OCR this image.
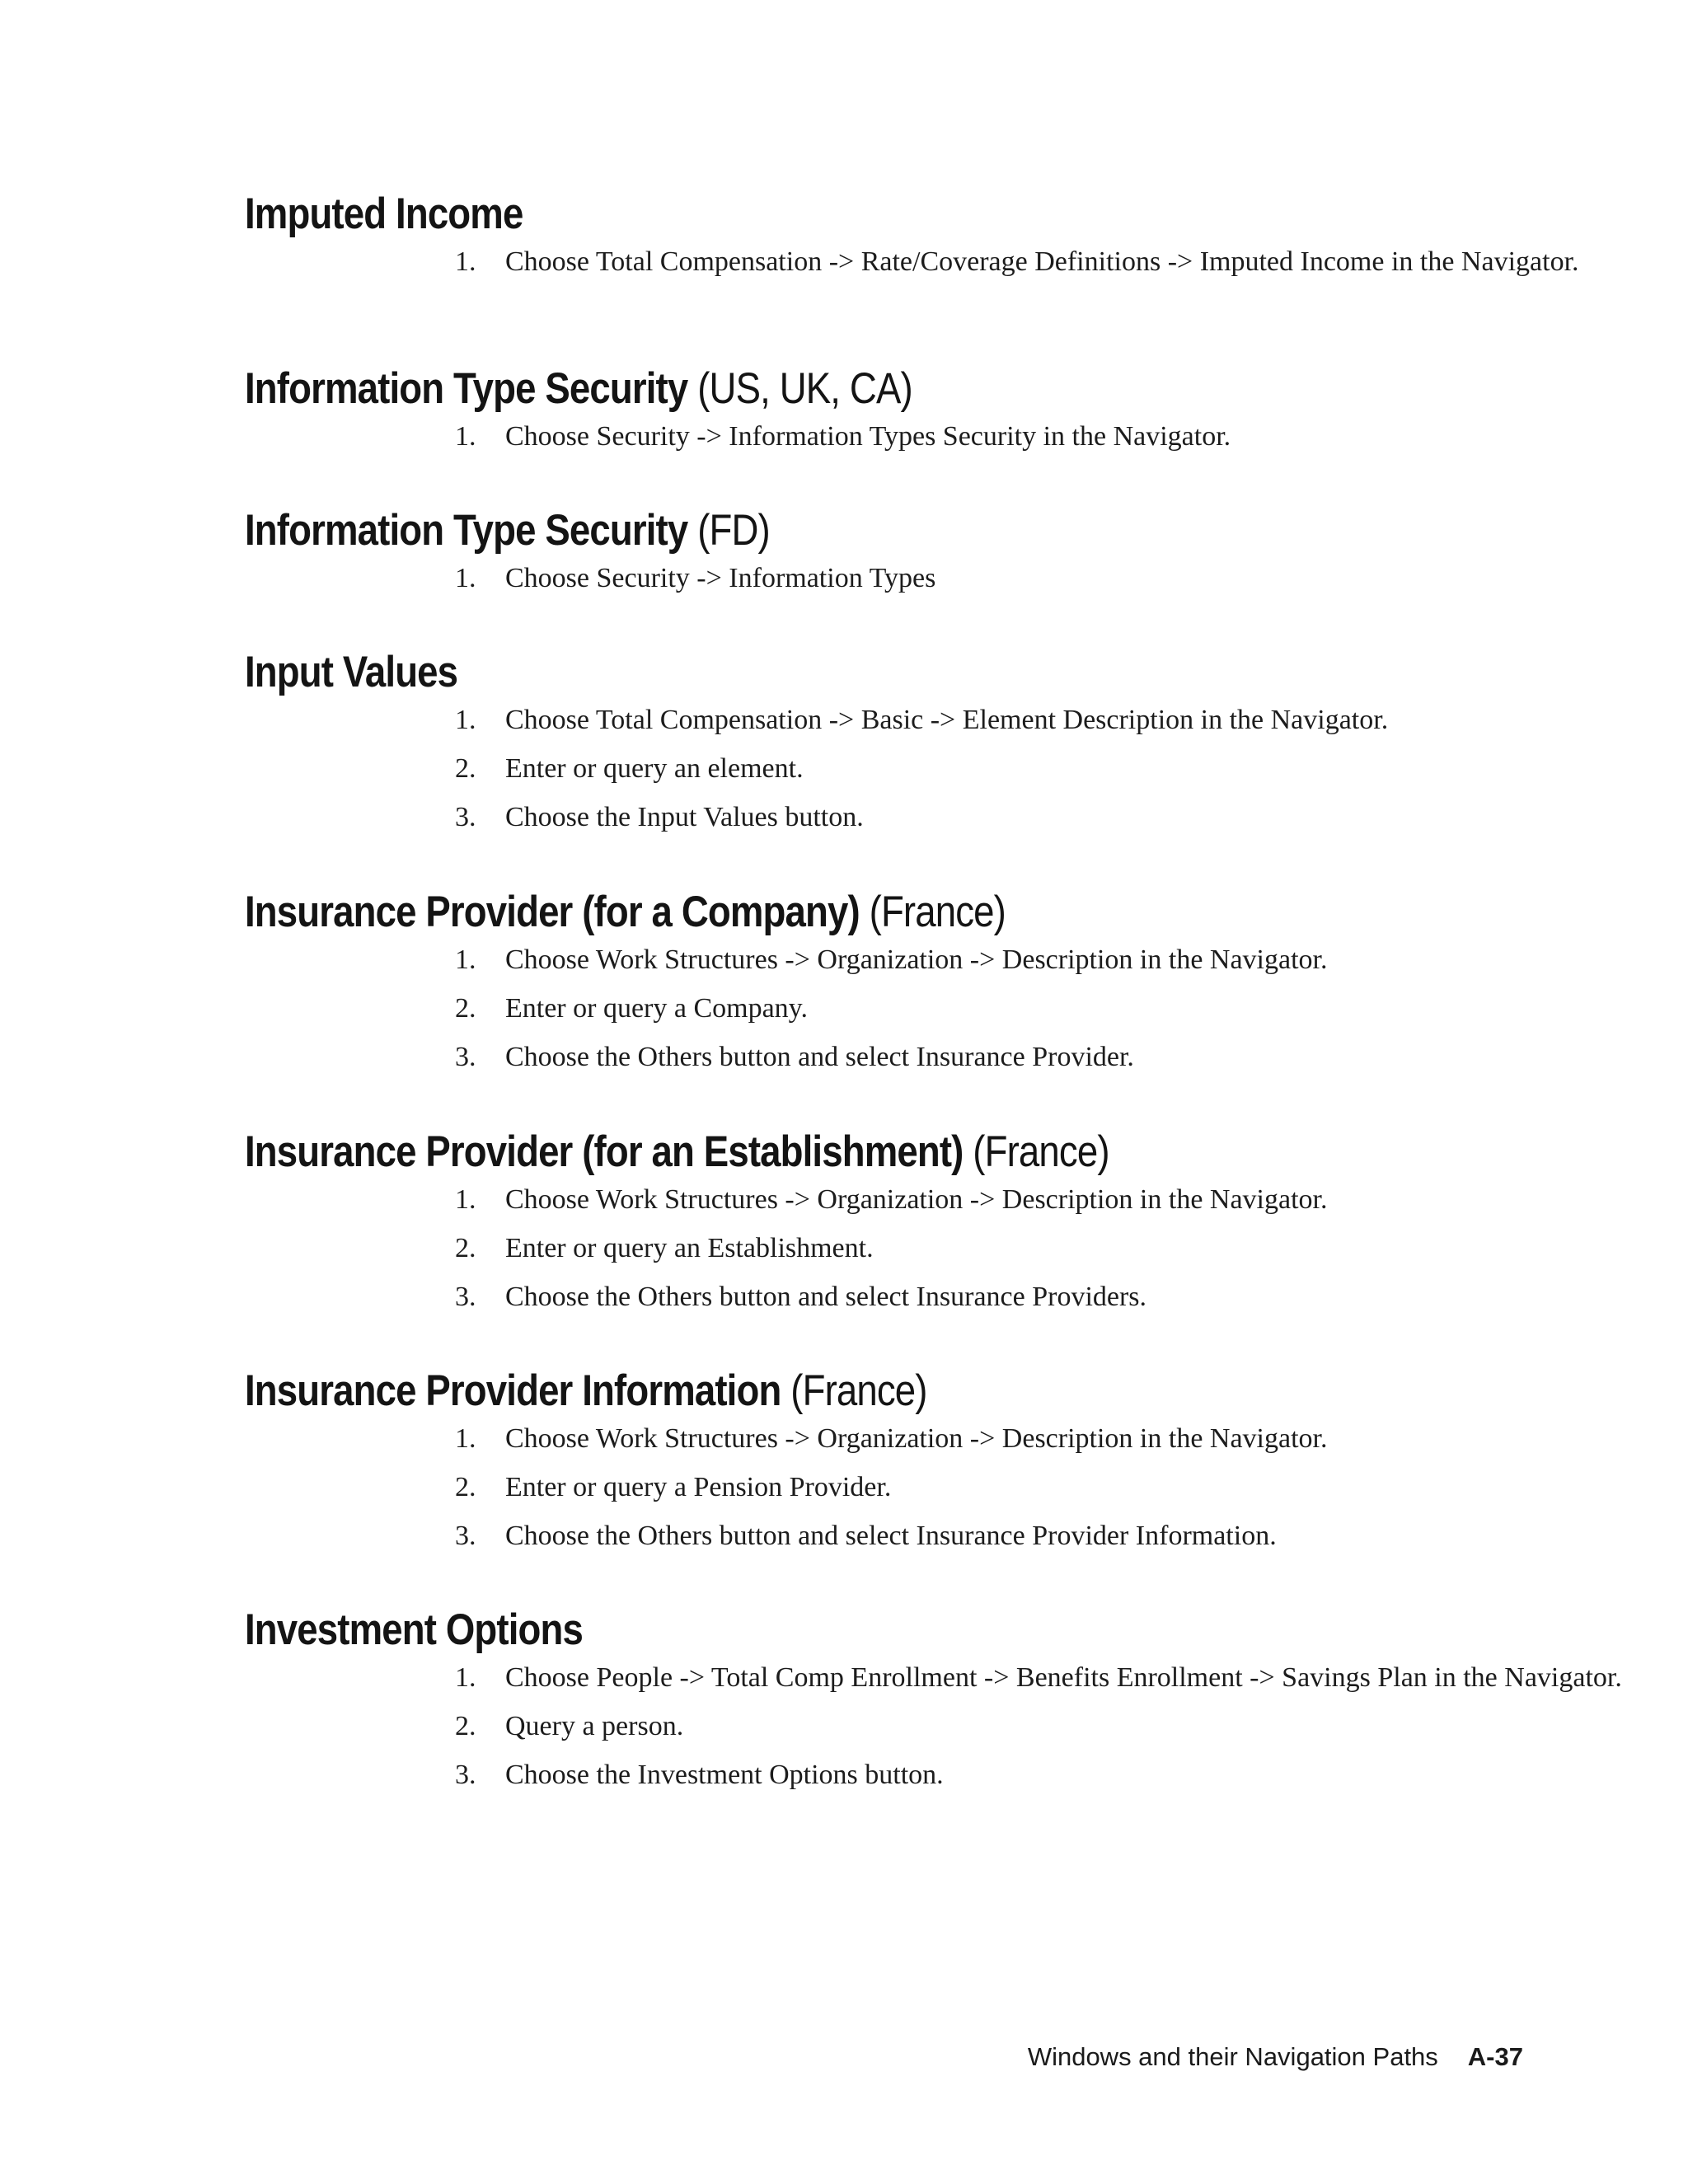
Imputed Income
1. Choose Total Compensation -> Rate/Coverage Definitions -> Imputed Income in the Navigator.
Information Type Security (US, UK, CA)
1. Choose Security -> Information Types Security in the Navigator.
Information Type Security (FD)
1. Choose Security -> Information Types
Input Values
1. Choose Total Compensation -> Basic -> Element Description in the Navigator.
2. Enter or query an element.
3. Choose the Input Values button.
Insurance Provider (for a Company) (France)
1. Choose Work Structures -> Organization -> Description in the Navigator.
2. Enter or query a Company.
3. Choose the Others button and select Insurance Provider.
Insurance Provider (for an Establishment) (France)
1. Choose Work Structures -> Organization -> Description in the Navigator.
2. Enter or query an Establishment.
3. Choose the Others button and select Insurance Providers.
Insurance Provider Information (France)
1. Choose Work Structures -> Organization -> Description in the Navigator.
2. Enter or query a Pension Provider.
3. Choose the Others button and select Insurance Provider Information.
Investment Options
1. Choose People -> Total Comp Enrollment -> Benefits Enrollment -> Savings Plan in the Navigator.
2. Query a person.
3. Choose the Investment Options button.
Windows and their Navigation Paths A-37
